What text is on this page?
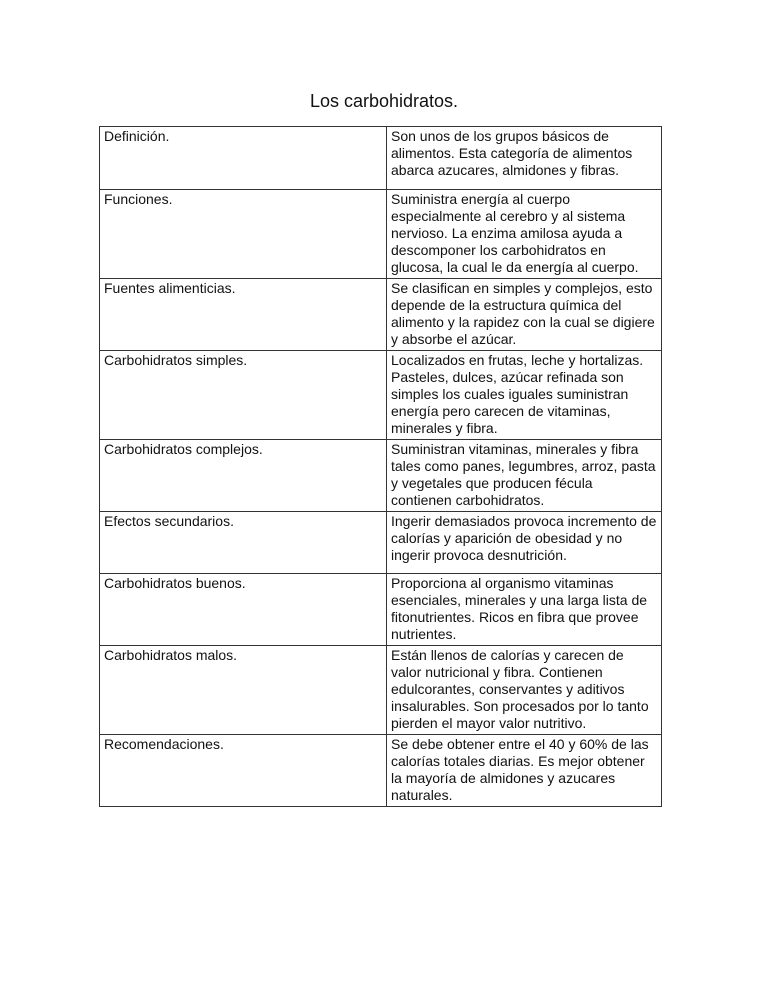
Los carbohidratos.
Definición.	Son unos de los grupos básicos de alimentos. Esta categoría de alimentos abarca azucares, almidones y fibras.
Funciones.	Suministra energía al cuerpo especialmente al cerebro y al sistema nervioso. La enzima amilosa ayuda a descomponer los carbohidratos en glucosa, la cual le da energía al cuerpo.
Fuentes alimenticias.	Se clasifican en simples y complejos, esto depende de la estructura química del alimento y la rapidez con la cual se digiere y absorbe el azúcar.
Carbohidratos simples.	Localizados en frutas, leche y hortalizas. Pasteles, dulces, azúcar refinada son simples los cuales iguales suministran energía pero carecen de vitaminas, minerales y fibra.
Carbohidratos complejos.	Suministran vitaminas, minerales y fibra tales como panes, legumbres, arroz, pasta y vegetales que producen fécula contienen carbohidratos.
Efectos secundarios.	Ingerir demasiados provoca incremento de calorías y aparición de obesidad y no ingerir provoca desnutrición.
Carbohidratos buenos.	Proporciona al organismo vitaminas esenciales, minerales y una larga lista de fitonutrientes. Ricos en fibra que provee nutrientes.
Carbohidratos malos.	Están llenos de calorías y carecen de valor nutricional y fibra. Contienen edulcorantes, conservantes y aditivos insalurables. Son procesados por lo tanto pierden el mayor valor nutritivo.
Recomendaciones.	Se debe obtener entre el 40 y 60% de las calorías totales diarias. Es mejor obtener la mayoría de almidones y azucares naturales.
